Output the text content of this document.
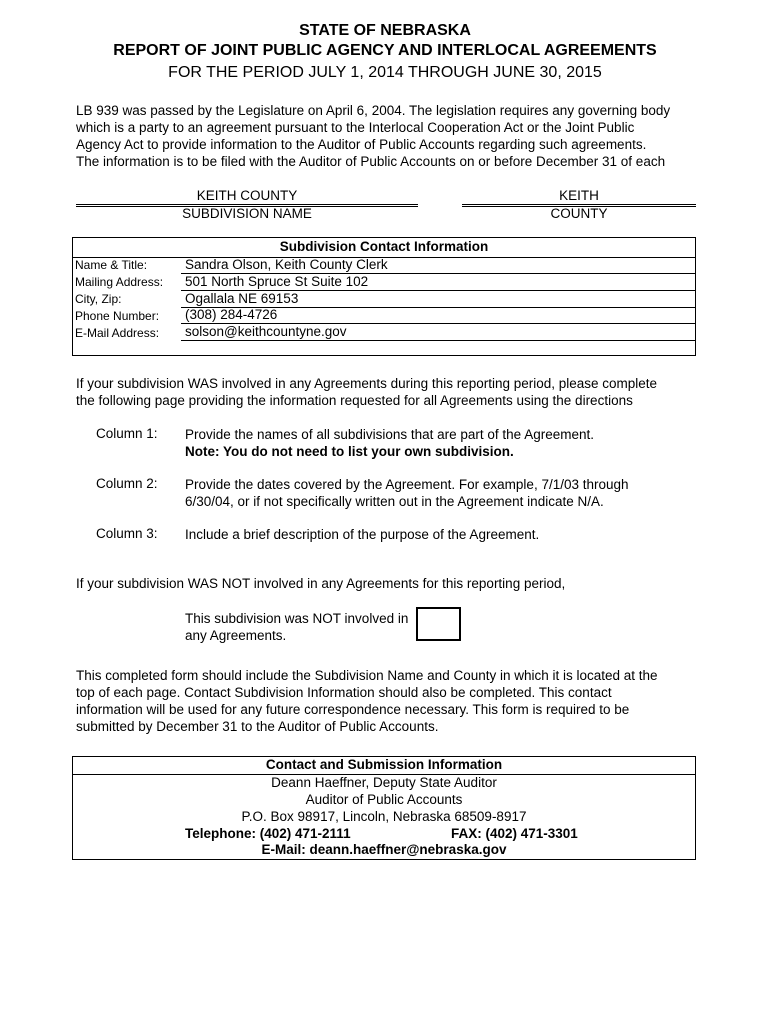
STATE OF NEBRASKA
REPORT OF JOINT PUBLIC AGENCY AND INTERLOCAL AGREEMENTS
FOR THE PERIOD JULY 1, 2014 THROUGH JUNE 30, 2015
LB 939 was passed by the Legislature on April 6, 2004. The legislation requires any governing body
which is a party to an agreement pursuant to the Interlocal Cooperation Act or the Joint Public
Agency Act to provide information to the Auditor of Public Accounts regarding such agreements.
The information is to be filed with the Auditor of Public Accounts on or before December 31 of each
KEITH COUNTY
SUBDIVISION NAME
KEITH
COUNTY
Subdivision Contact Information
Name & Title:	Sandra Olson, Keith County Clerk
Mailing Address: 501 North Spruce St Suite 102
City, Zip:	Ogallala NE 69153
Phone Number: (308) 284-4726
E-Mail Address: solson@keithcountyne.gov
If your subdivision WAS involved in any Agreements during this reporting period, please complete
the following page providing the information requested for all Agreements using the directions
Column 1: Provide the names of all subdivisions that are part of the Agreement.
Note: You do not need to list your own subdivision.
Column 2: Provide the dates covered by the Agreement. For example, 7/1/03 through
6/30/04, or if not specifically written out in the Agreement indicate N/A.
Column 3: Include a brief description of the purpose of the Agreement.
If your subdivision WAS NOT involved in any Agreements for this reporting period,
This subdivision was NOT involved in
any Agreements.
This completed form should include the Subdivision Name and County in which it is located at the
top of each page. Contact Subdivision Information should also be completed. This contact
information will be used for any future correspondence necessary. This form is required to be
submitted by December 31 to the Auditor of Public Accounts.
Contact and Submission Information
Deann Haeffner, Deputy State Auditor
Auditor of Public Accounts
P.O. Box 98917, Lincoln, Nebraska 68509-8917
Telephone: (402) 471-2111	FAX: (402) 471-3301
E-Mail: deann.haeffner@nebraska.gov
